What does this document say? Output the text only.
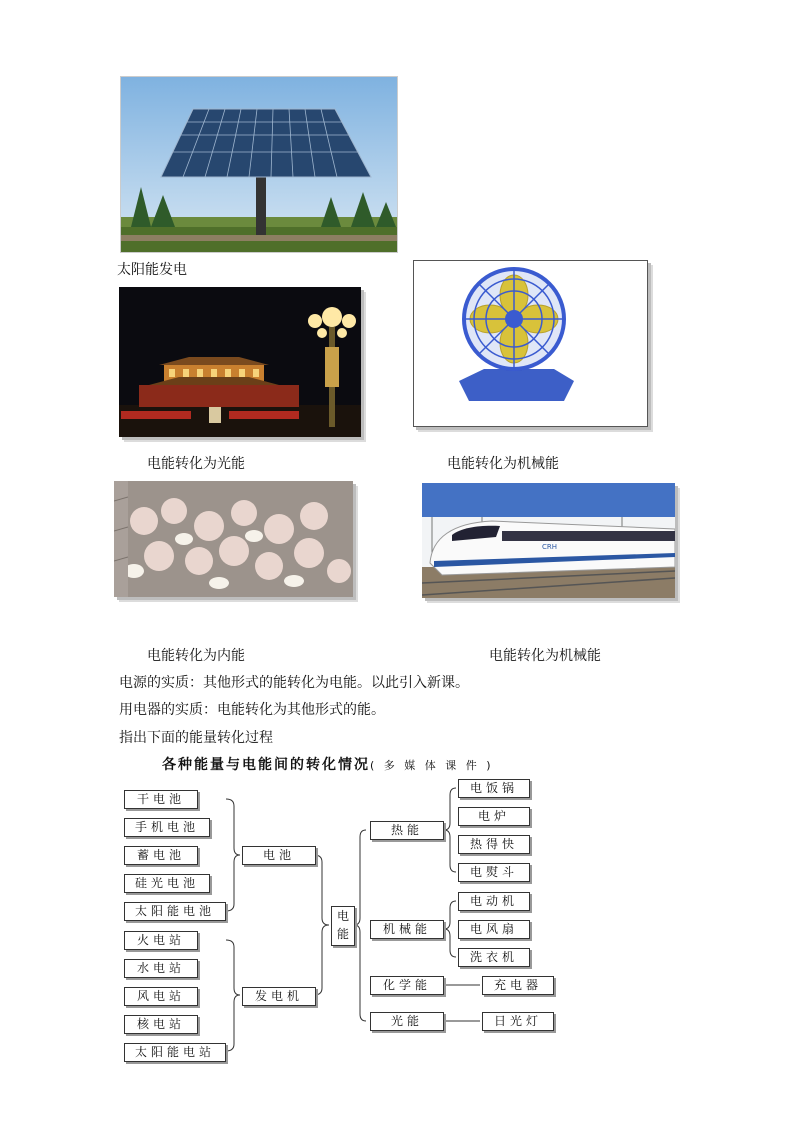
太阳能发电
电能转化为光能	电能转化为机械能
电能转化为内能
CRH
电能转化为机械能
电源的实质：其他形式的能转化为电能。以此引入新课。
用电器的实质：电能转化为其他形式的能。
指出下面的能量转化过程
各种能量与电能间的转化情况( 多 媒 体 课 件 )
干电池
手机电池
蓄电池
硅光电池
太阳能电池
火电站
水电站
风电站
核电站
太阳能电站
电池
发电机
电
能
热能
机械能
化学能
光能
电饭锅
电炉
热得快
电熨斗
电动机
电风扇
洗衣机
充电器
日光灯
